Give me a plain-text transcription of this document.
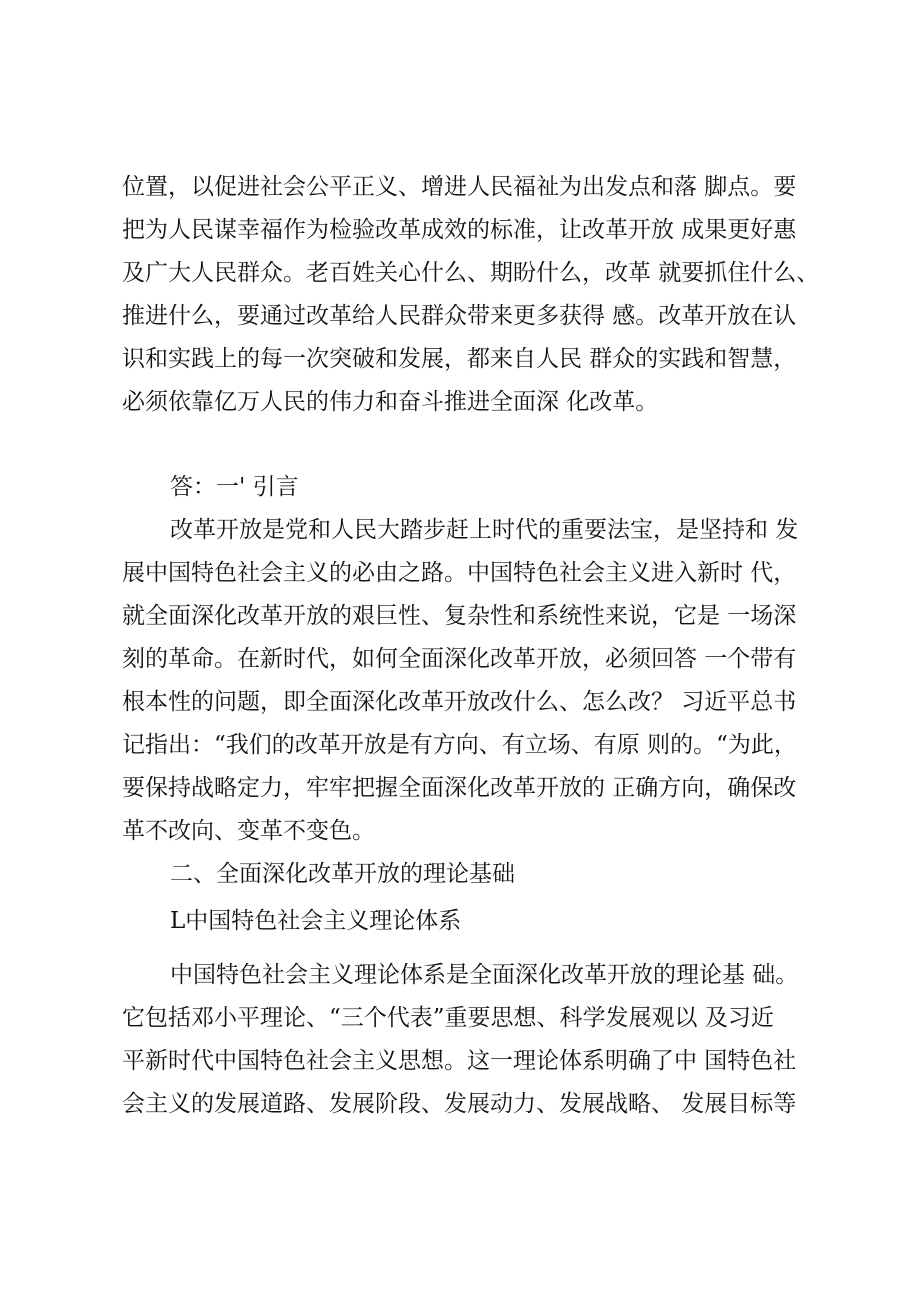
位置，以促进社会公平正义、增进人民福祉为出发点和落 脚点。要
把为人民谋幸福作为检验改革成效的标准，让改革开放 成果更好惠
及广大人民群众。老百姓关心什么、期盼什么，改革 就要抓住什么、
推进什么，要通过改革给人民群众带来更多获得 感。改革开放在认
识和实践上的每一次突破和发展，都来自人民 群众的实践和智慧，
必须依靠亿万人民的伟力和奋斗推进全面深 化改革。
答：一' 引言
改革开放是党和人民大踏步赶上时代的重要法宝，是坚持和 发
展中国特色社会主义的必由之路。中国特色社会主义进入新时 代，
就全面深化改革开放的艰巨性、复杂性和系统性来说，它是 一场深
刻的革命。在新时代，如何全面深化改革开放，必须回答 一个带有
根本性的问题，即全面深化改革开放改什么、怎么改？ 习近平总书
记指出：“我们的改革开放是有方向、有立场、有原 则的。“为此，
要保持战略定力，牢牢把握全面深化改革开放的 正确方向，确保改
革不改向、变革不变色。
二、全面深化改革开放的理论基础
L中国特色社会主义理论体系
中国特色社会主义理论体系是全面深化改革开放的理论基 础。
它包括邓小平理论、“三个代表”重要思想、科学发展观以 及习近
平新时代中国特色社会主义思想。这一理论体系明确了中 国特色社
会主义的发展道路、发展阶段、发展动力、发展战略、 发展目标等
